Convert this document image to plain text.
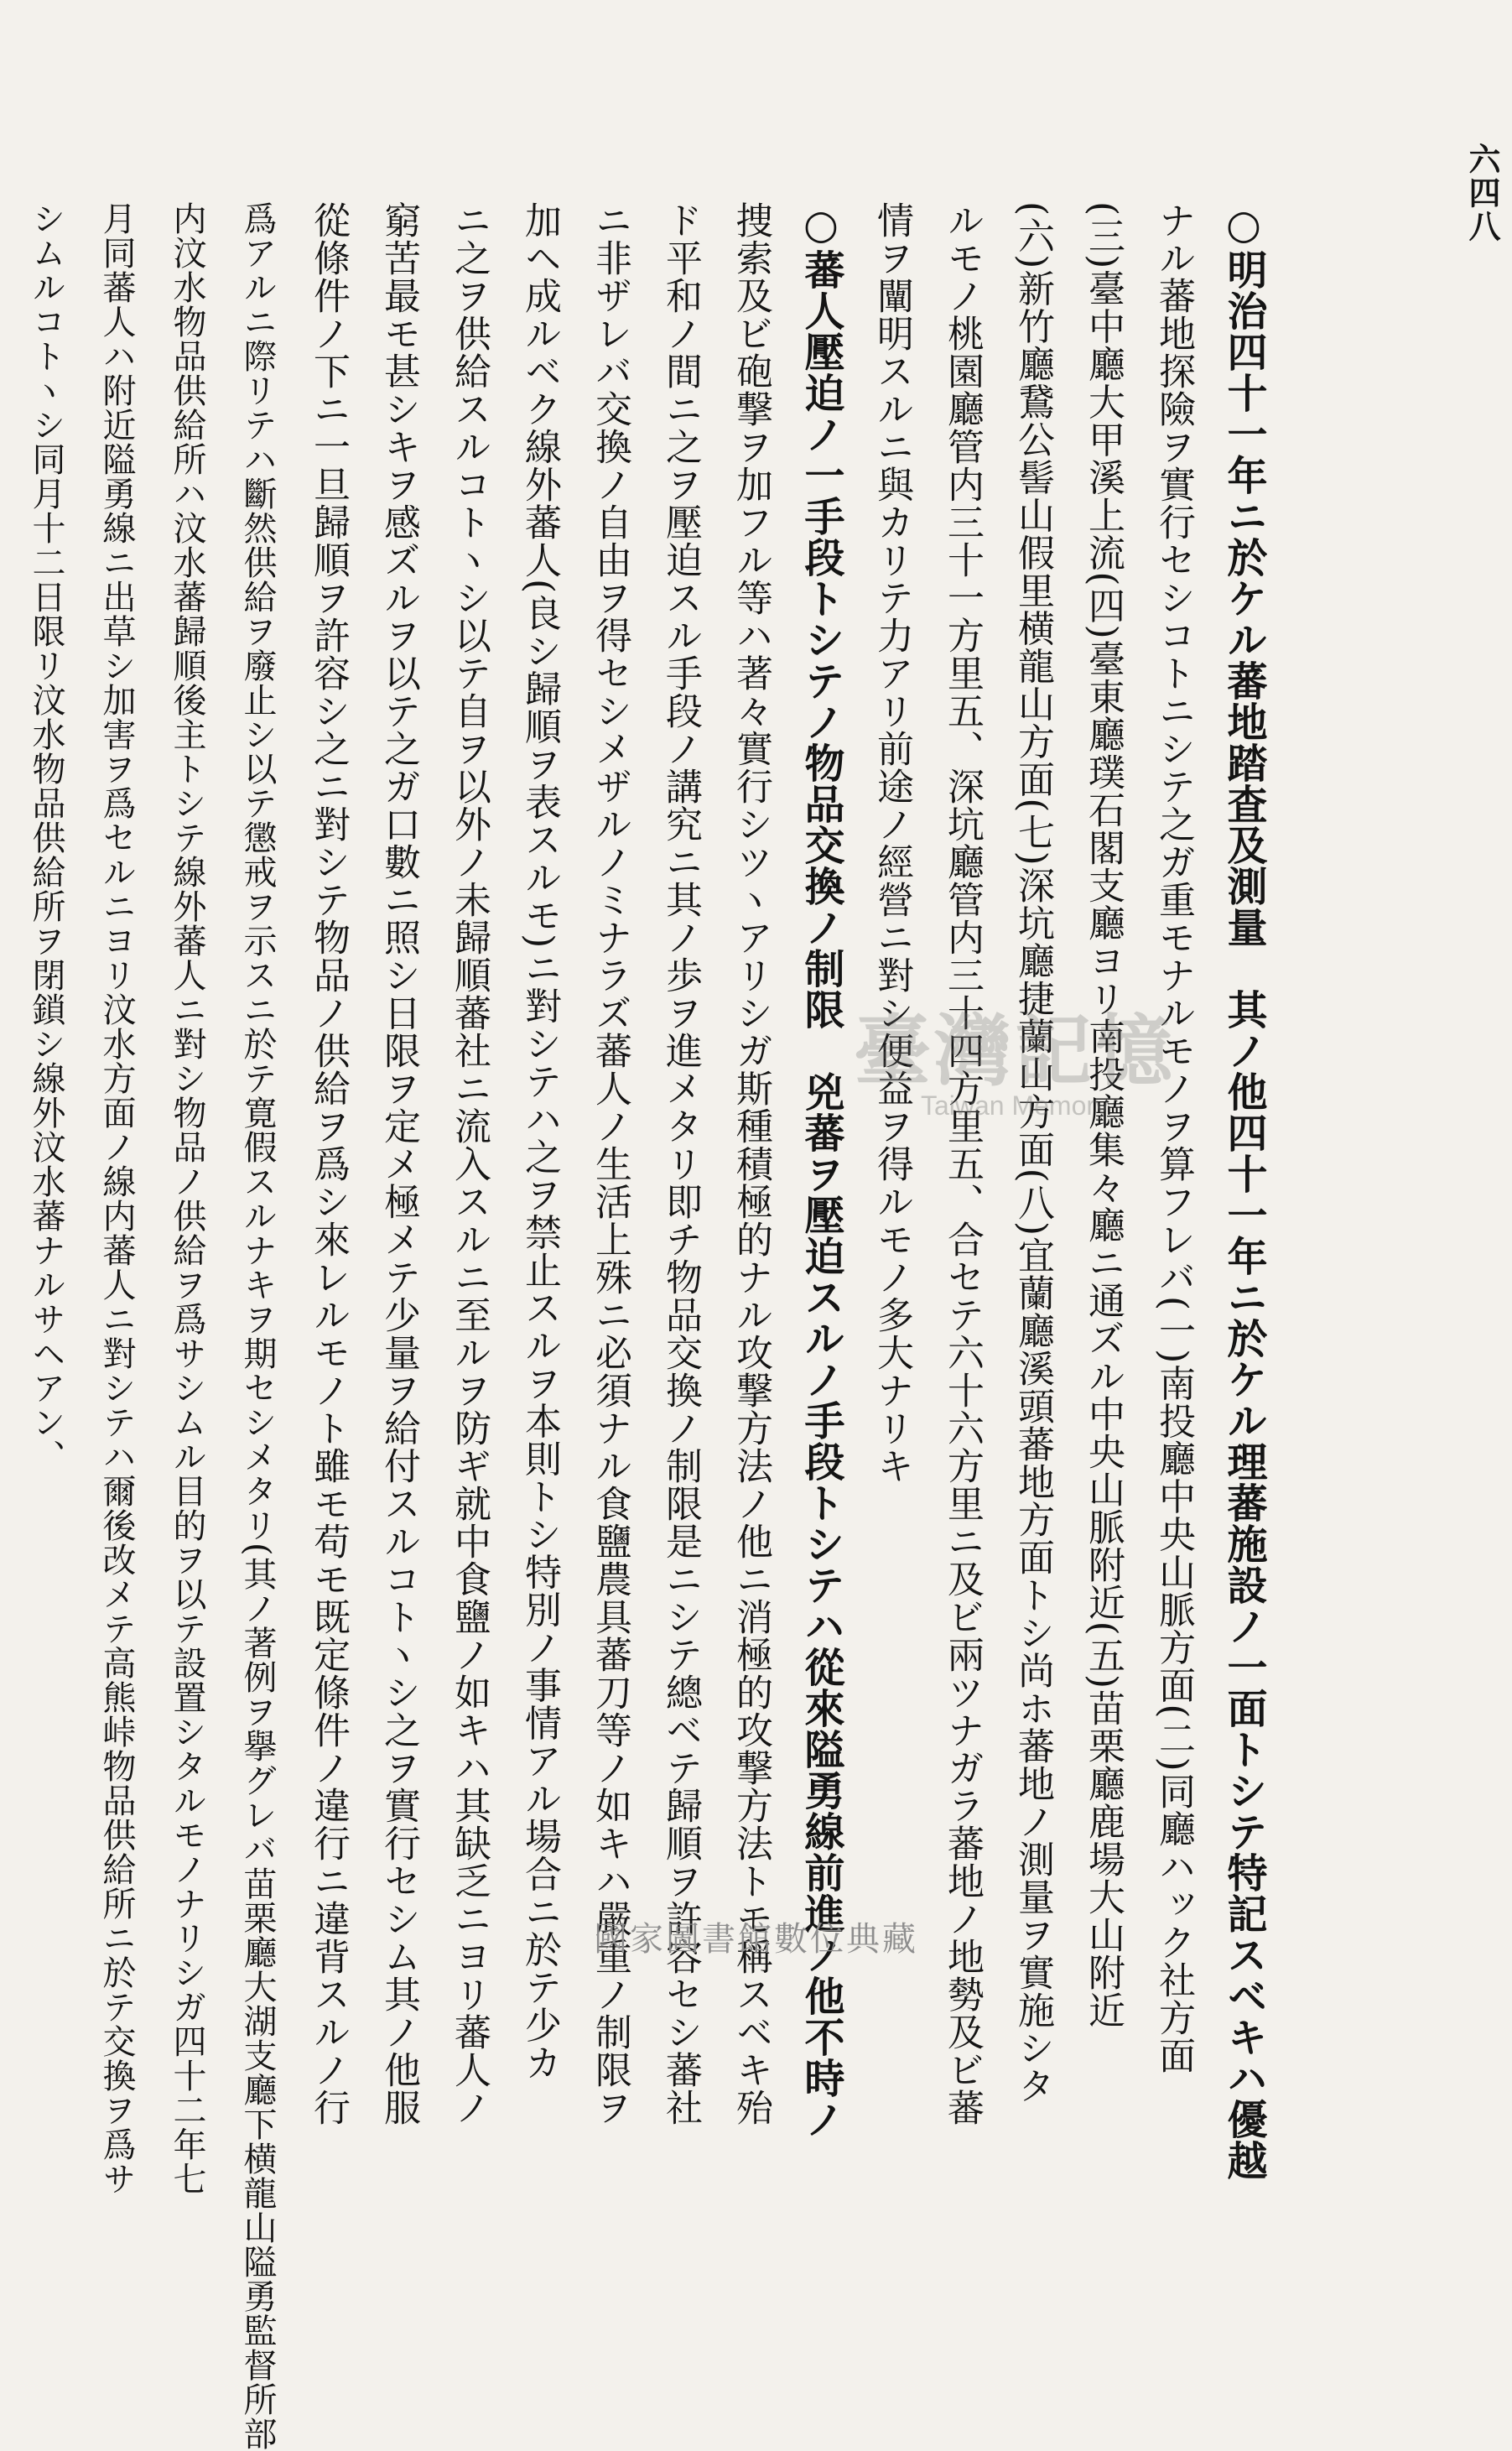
六四八
○明治四十一年ニ於ケル蕃地踏査及測量　其ノ他四十一年ニ於ケル理蕃施設ノ一面トシテ特記スベキハ優越
ナル蕃地探險ヲ實行セシコトニシテ之ガ重モナルモノヲ算フレバ(一)南投廳中央山脈方面(二)同廳ハック社方面
(三)臺中廳大甲溪上流(四)臺東廳璞石閣支廳ヨリ南投廳集々廳ニ通ズル中央山脈附近(五)苗栗廳鹿場大山附近
(六)新竹廳鵞公髻山假里横龍山方面(七)深坑廳捷蘭山方面(八)宜蘭廳溪頭蕃地方面トシ尚ホ蕃地ノ測量ヲ實施シタ
ルモノ桃園廳管内三十一方里五、深坑廳管内三十四方里五、合セテ六十六方里ニ及ビ兩ツナガラ蕃地ノ地勢及ビ蕃
情ヲ闡明スルニ與カリテ力アリ前途ノ經營ニ對シ便益ヲ得ルモノ多大ナリキ
○蕃人壓迫ノ一手段トシテノ物品交換ノ制限　兇蕃ヲ壓迫スルノ手段トシテハ從來隘勇線前進ノ他不時ノ
捜索及ビ砲撃ヲ加フル等ハ著々實行シツヽアリシガ斯種積極的ナル攻撃方法ノ他ニ消極的攻撃方法トモ稱スベキ殆
ド平和ノ間ニ之ヲ壓迫スル手段ノ講究ニ其ノ歩ヲ進メタリ即チ物品交換ノ制限是ニシテ總ベテ歸順ヲ許容セシ蕃社
ニ非ザレバ交換ノ自由ヲ得セシメザルノミナラズ蕃人ノ生活上殊ニ必須ナル食鹽農具蕃刀等ノ如キハ嚴重ノ制限ヲ
加ヘ成ルベク線外蕃人(良シ歸順ヲ表スルモ)ニ對シテハ之ヲ禁止スルヲ本則トシ特別ノ事情アル場合ニ於テ少カ
ニ之ヲ供給スルコトヽシ以テ自ヲ以外ノ未歸順蕃社ニ流入スルニ至ルヲ防ギ就中食鹽ノ如キハ其缺乏ニヨリ蕃人ノ
窮苦最モ甚シキヲ感ズルヲ以テ之ガ口數ニ照シ日限ヲ定メ極メテ少量ヲ給付スルコトヽシ之ヲ實行セシム其ノ他服
從條件ノ下ニ一旦歸順ヲ許容シ之ニ對シテ物品ノ供給ヲ爲シ來レルモノト雖モ苟モ既定條件ノ違行ニ違背スルノ行
爲アルニ際リテハ斷然供給ヲ廢止シ以テ懲戒ヲ示スニ於テ寛假スルナキヲ期セシメタリ(其ノ著例ヲ擧グレバ苗栗廳大湖支廳下横龍山隘勇監督所部
内汶水物品供給所ハ汶水蕃歸順後主トシテ線外蕃人ニ對シ物品ノ供給ヲ爲サシムル目的ヲ以テ設置シタルモノナリシガ四十二年七
月同蕃人ハ附近隘勇線ニ出草シ加害ヲ爲セルニヨリ汶水方面ノ線内蕃人ニ對シテハ爾後改メテ高熊峠物品供給所ニ於テ交換ヲ爲サ
シムルコトヽシ同月十二日限リ汶水物品供給所ヲ閉鎖シ線外汶水蕃ナルサヘアン、	臺灣記憶
Taiwan Memory
國家圖書館數位典藏
